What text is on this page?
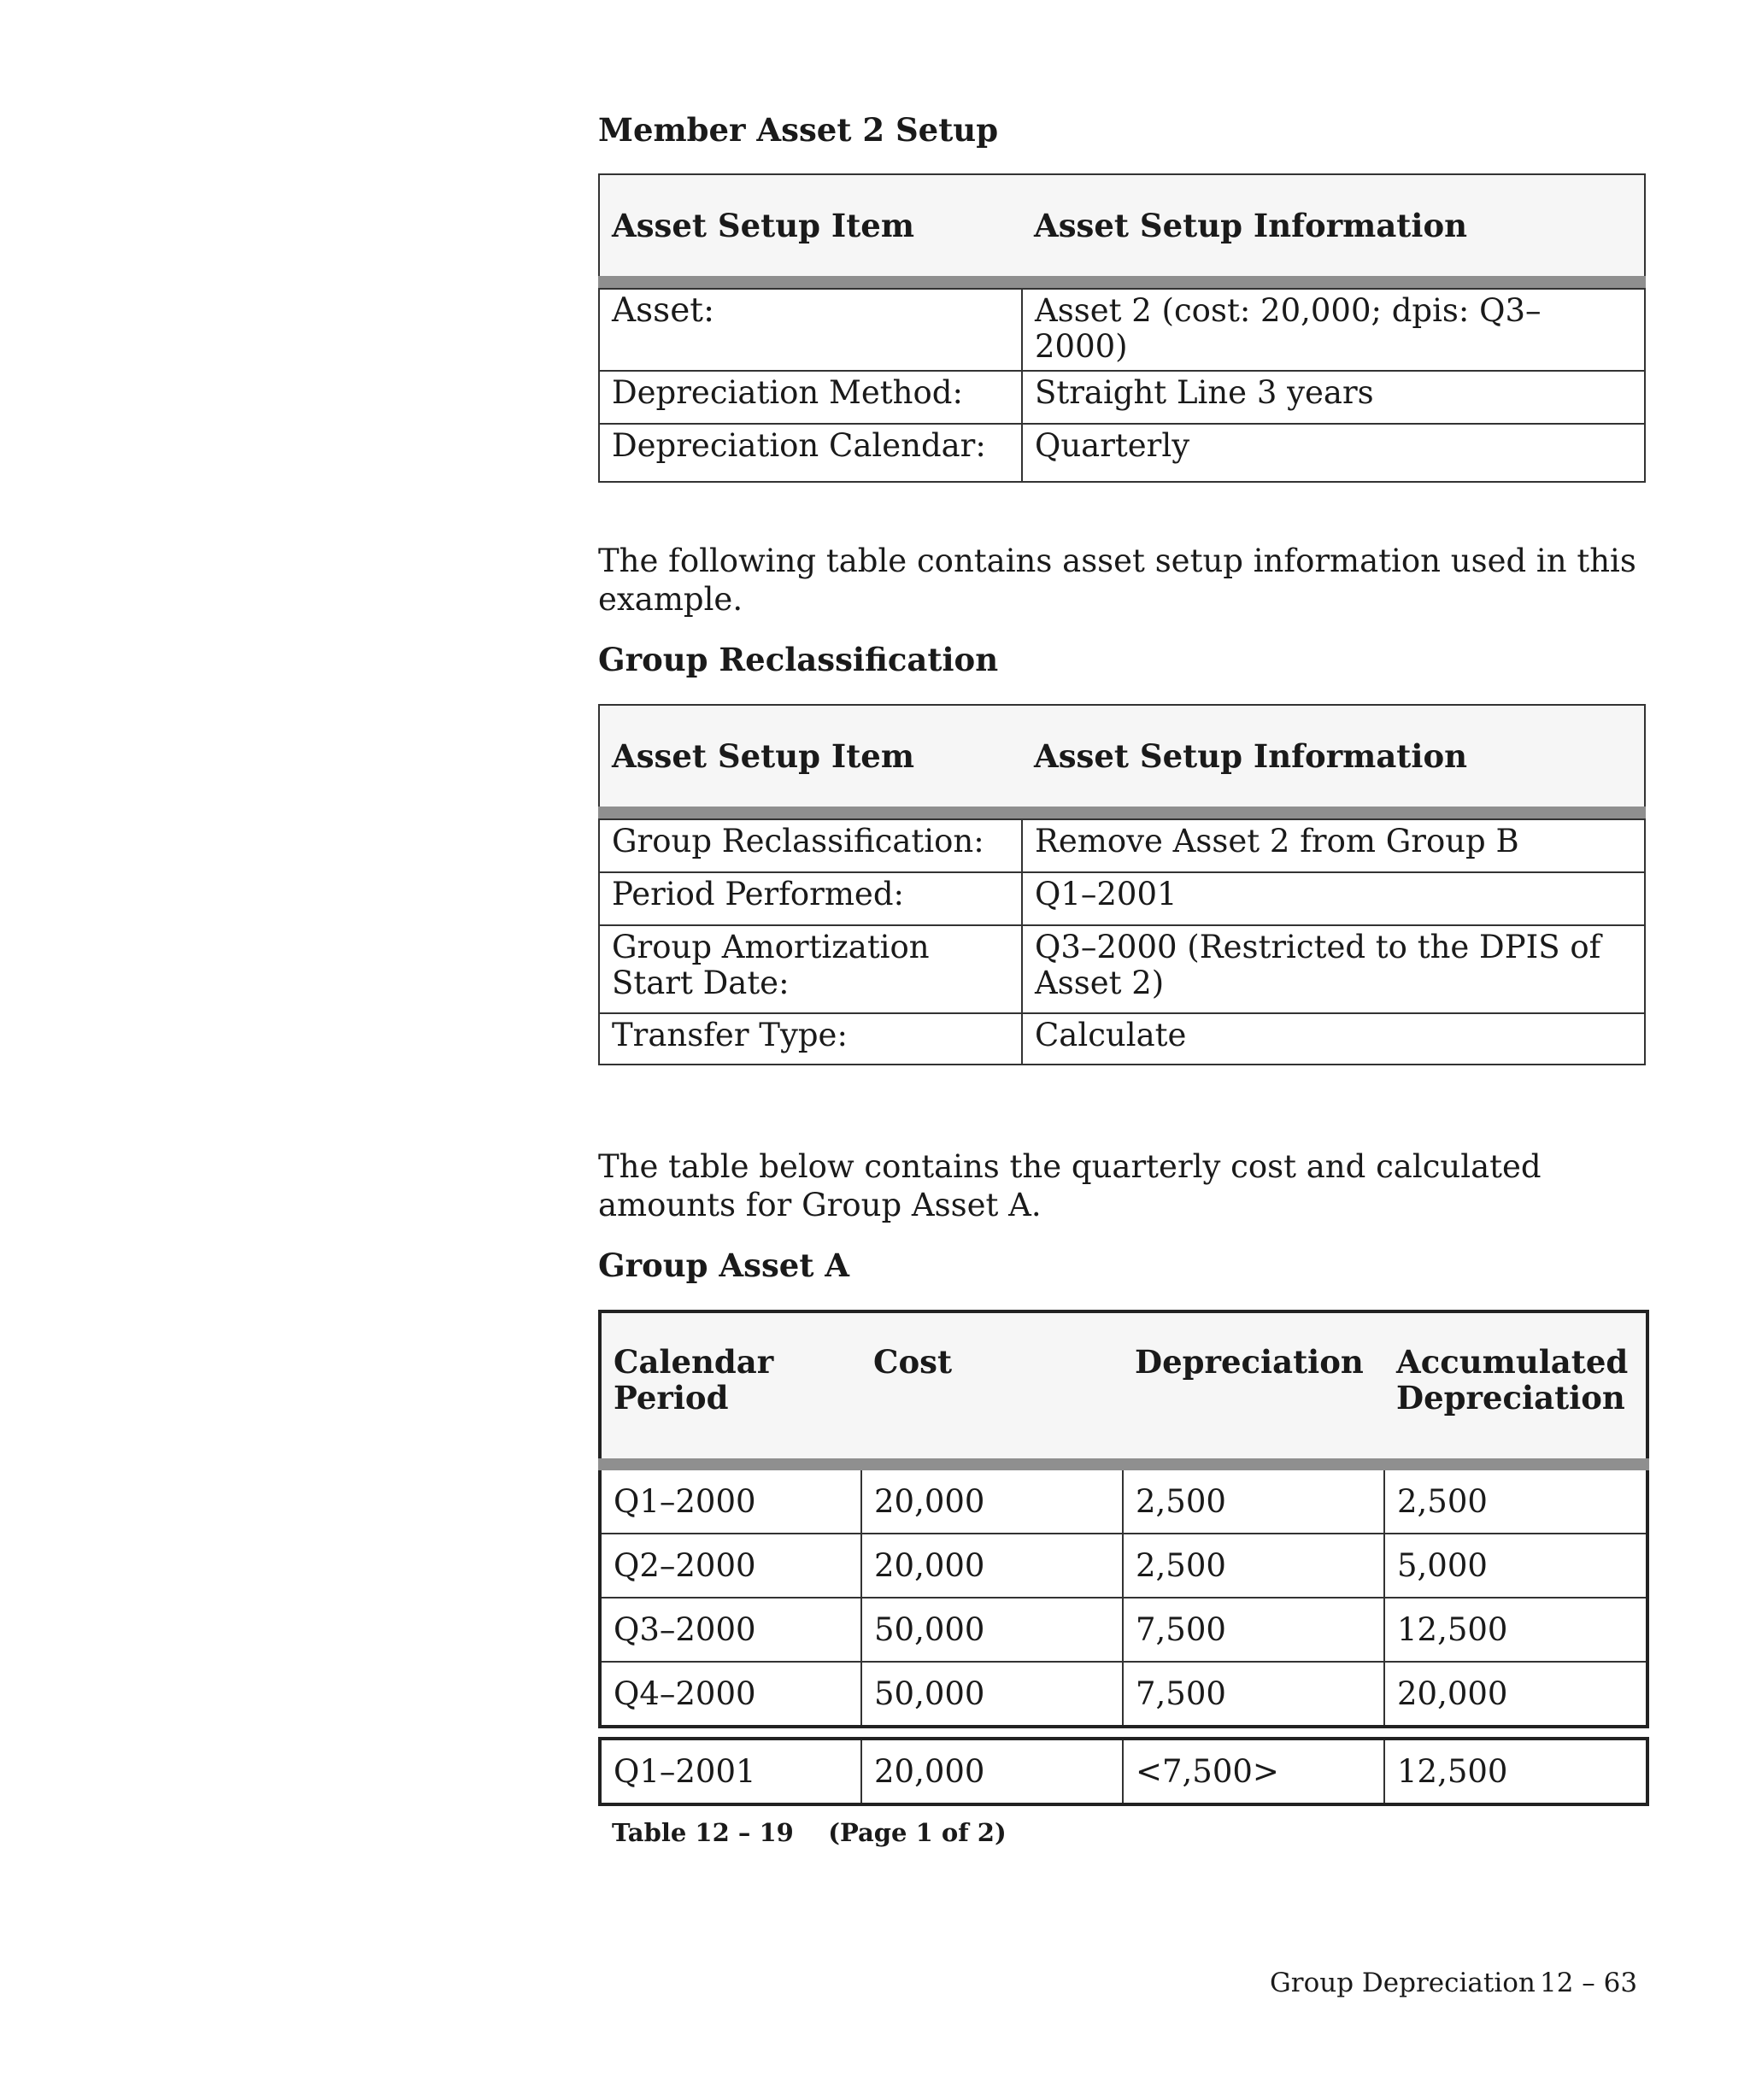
Member Asset 2 Setup
Asset Setup Item	Asset Setup Information

Asset:	Asset 2 (cost: 20,000; dpis: Q3–2000)
Depreciation Method:	Straight Line 3 years
Depreciation Calendar:	Quarterly
The following table contains asset setup information used in this example.
Group Reclassification
Asset Setup Item	Asset Setup Information

Group Reclassification:	Remove Asset 2 from Group B
Period Performed:	Q1–2001
Group Amortization Start Date:	Q3–2000 (Restricted to the DPIS of Asset 2)
Transfer Type:	Calculate
The table below contains the quarterly cost and calculated amounts for Group Asset A.
Group Asset A
Calendar Period	Cost	Depreciation	Accumulated Depreciation
Q1–2000	20,000	2,500	2,500
Q2–2000	20,000	2,500	5,000
Q3–2000	50,000	7,500	12,500
Q4–2000	50,000	7,500	20,000

Q1–2001	20,000	<7,500>	12,500
Table 12 – 19    (Page 1 of 2)
Group Depreciation 12 – 63
